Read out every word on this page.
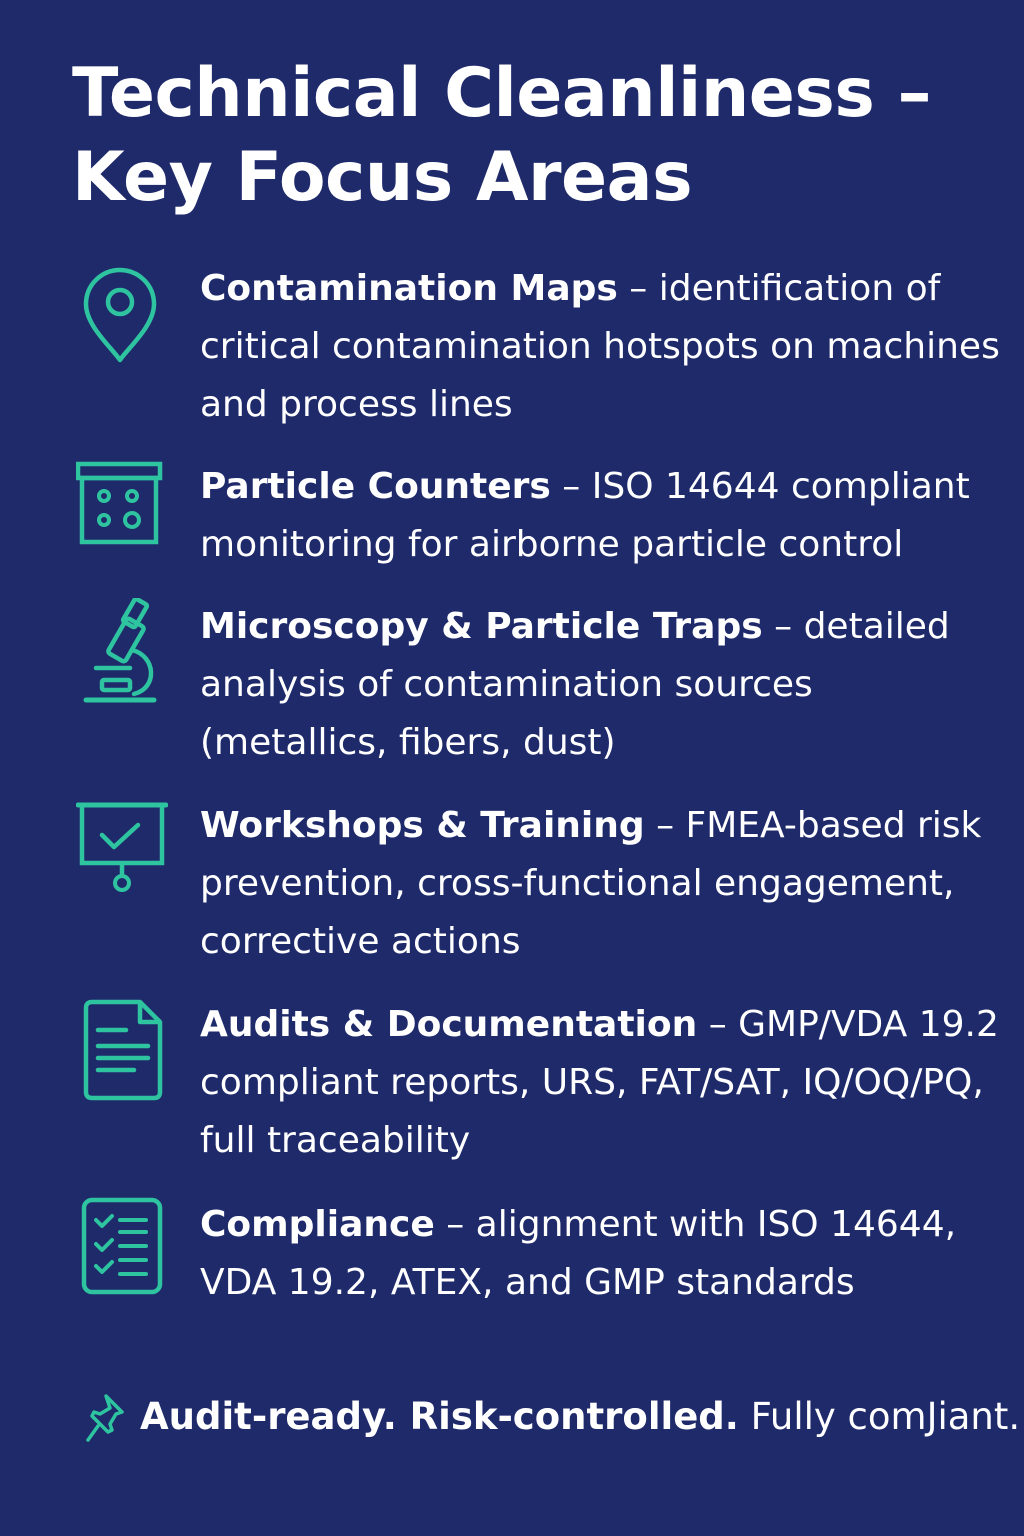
Technical Cleanliness –
Key Focus Areas
Contamination Maps – identification of critical contamination hotspots on machines and process lines
Particle Counters – ISO 14644 compliant monitoring for airborne particle control
Microscopy & Particle Traps – detailed analysis of contamination sources (metallics, fibers, dust)
Workshops & Training – FMEA-based risk prevention, cross-functional engagement, corrective actions
Audits & Documentation – GMP/VDA 19.2 compliant reports, URS, FAT/SAT, IQ/OQ/PQ, full traceability
Compliance – alignment with ISO 14644, VDA 19.2, ATEX, and GMP standards
Audit-ready. Risk-controlled. Fully comJiant.
